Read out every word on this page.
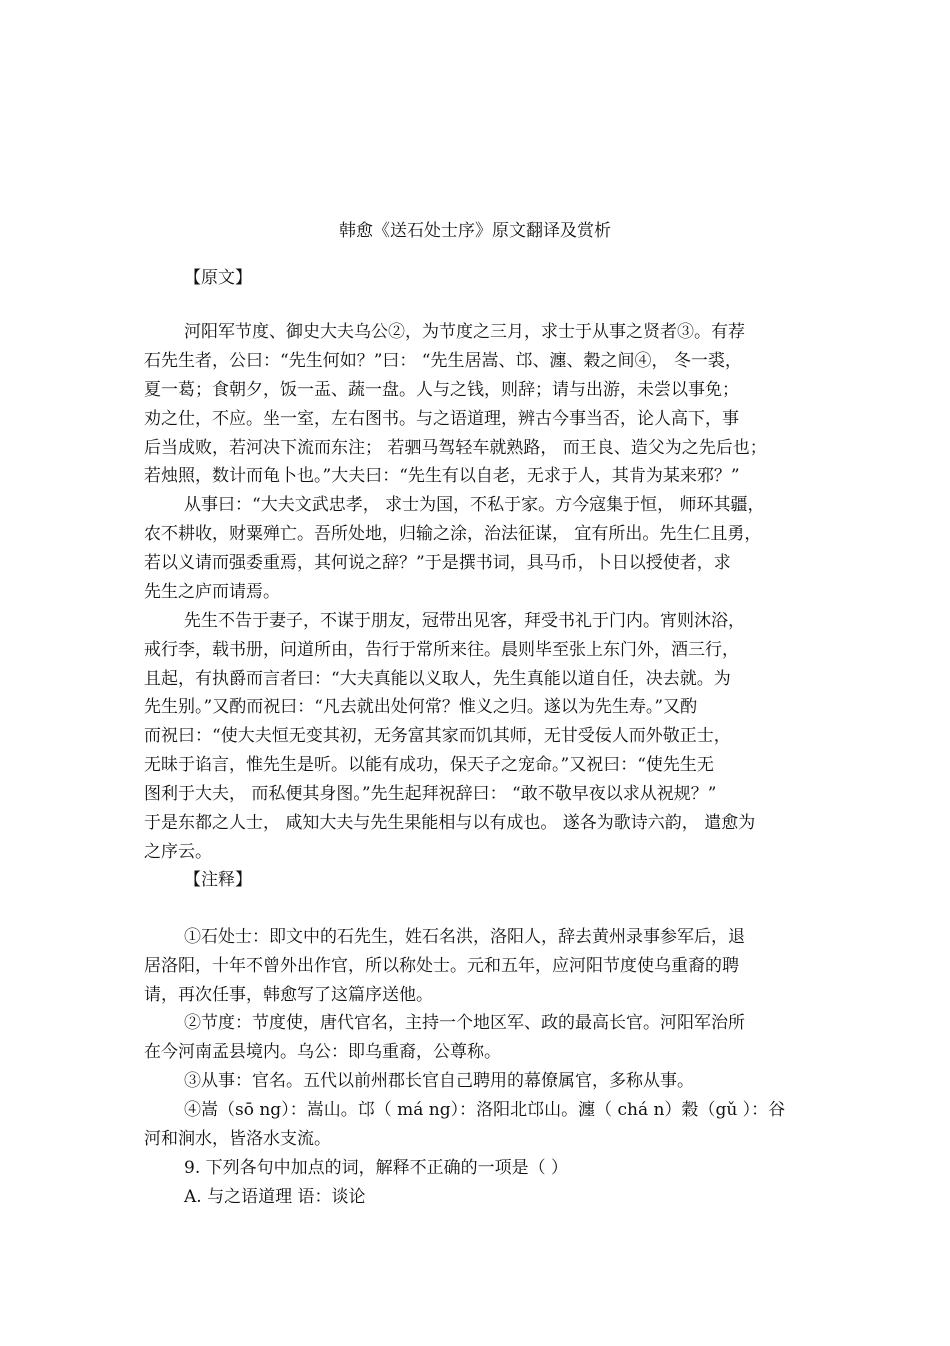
韩愈《送石处士序》原文翻译及赏析
【原文】
河阳军节度、御史大夫乌公②，为节度之三月，求士于从事之贤者③。有荐
石先生者，公曰：“先生何如？”曰： “先生居嵩、邙、瀍、穀之间④， 冬一裘，
夏一葛；食朝夕，饭一盂、蔬一盘。人与之钱，则辞；请与出游，未尝以事免；
劝之仕，不应。坐一室，左右图书。与之语道理，辨古今事当否，论人高下，事
后当成败，若河决下流而东注； 若驷马驾轻车就熟路， 而王良、造父为之先后也；
若烛照，数计而龟卜也。”大夫曰：“先生有以自老，无求于人，其肯为某来邪？”
从事曰：“大夫文武忠孝， 求士为国，不私于家。方今寇集于恒， 师环其疆，
农不耕收，财粟殚亡。吾所处地，归输之涂，治法征谋， 宜有所出。先生仁且勇，
若以义请而强委重焉，其何说之辞？”于是撰书词，具马币，卜日以授使者，求
先生之庐而请焉。
先生不告于妻子，不谋于朋友，冠带出见客，拜受书礼于门内。宵则沐浴，
戒行李，载书册，问道所由，告行于常所来往。晨则毕至张上东门外，酒三行，
且起，有执爵而言者曰：“大夫真能以义取人，先生真能以道自任，决去就。为
先生别。”又酌而祝曰：“凡去就出处何常？惟义之归。遂以为先生寿。”又酌
而祝曰：“使大夫恒无变其初，无务富其家而饥其师，无甘受佞人而外敬正士，
无昧于谄言，惟先生是听。以能有成功，保天子之宠命。”又祝曰：“使先生无
图利于大夫， 而私便其身图。”先生起拜祝辞曰： “敢不敬早夜以求从祝规？”
于是东都之人士， 咸知大夫与先生果能相与以有成也。 遂各为歌诗六韵， 遣愈为
之序云。
【注释】
①石处士：即文中的石先生，姓石名洪，洛阳人，辞去黄州录事参军后，退
居洛阳，十年不曾外出作官，所以称处士。元和五年，应河阳节度使乌重裔的聘
请，再次任事，韩愈写了这篇序送他。
②节度：节度使，唐代官名，主持一个地区军、政的最高长官。河阳军治所
在今河南孟县境内。乌公：即乌重裔，公尊称。
③从事：官名。五代以前州郡长官自己聘用的幕僚属官，多称从事。
④嵩（sō ng）：嵩山。邙（ má ng）：洛阳北邙山。瀍（ chá n）穀（gǔ ）：谷
河和涧水，皆洛水支流。
9. 下列各句中加点的词，解释不正确的一项是（ ）
A. 与之语道理 语：谈论
